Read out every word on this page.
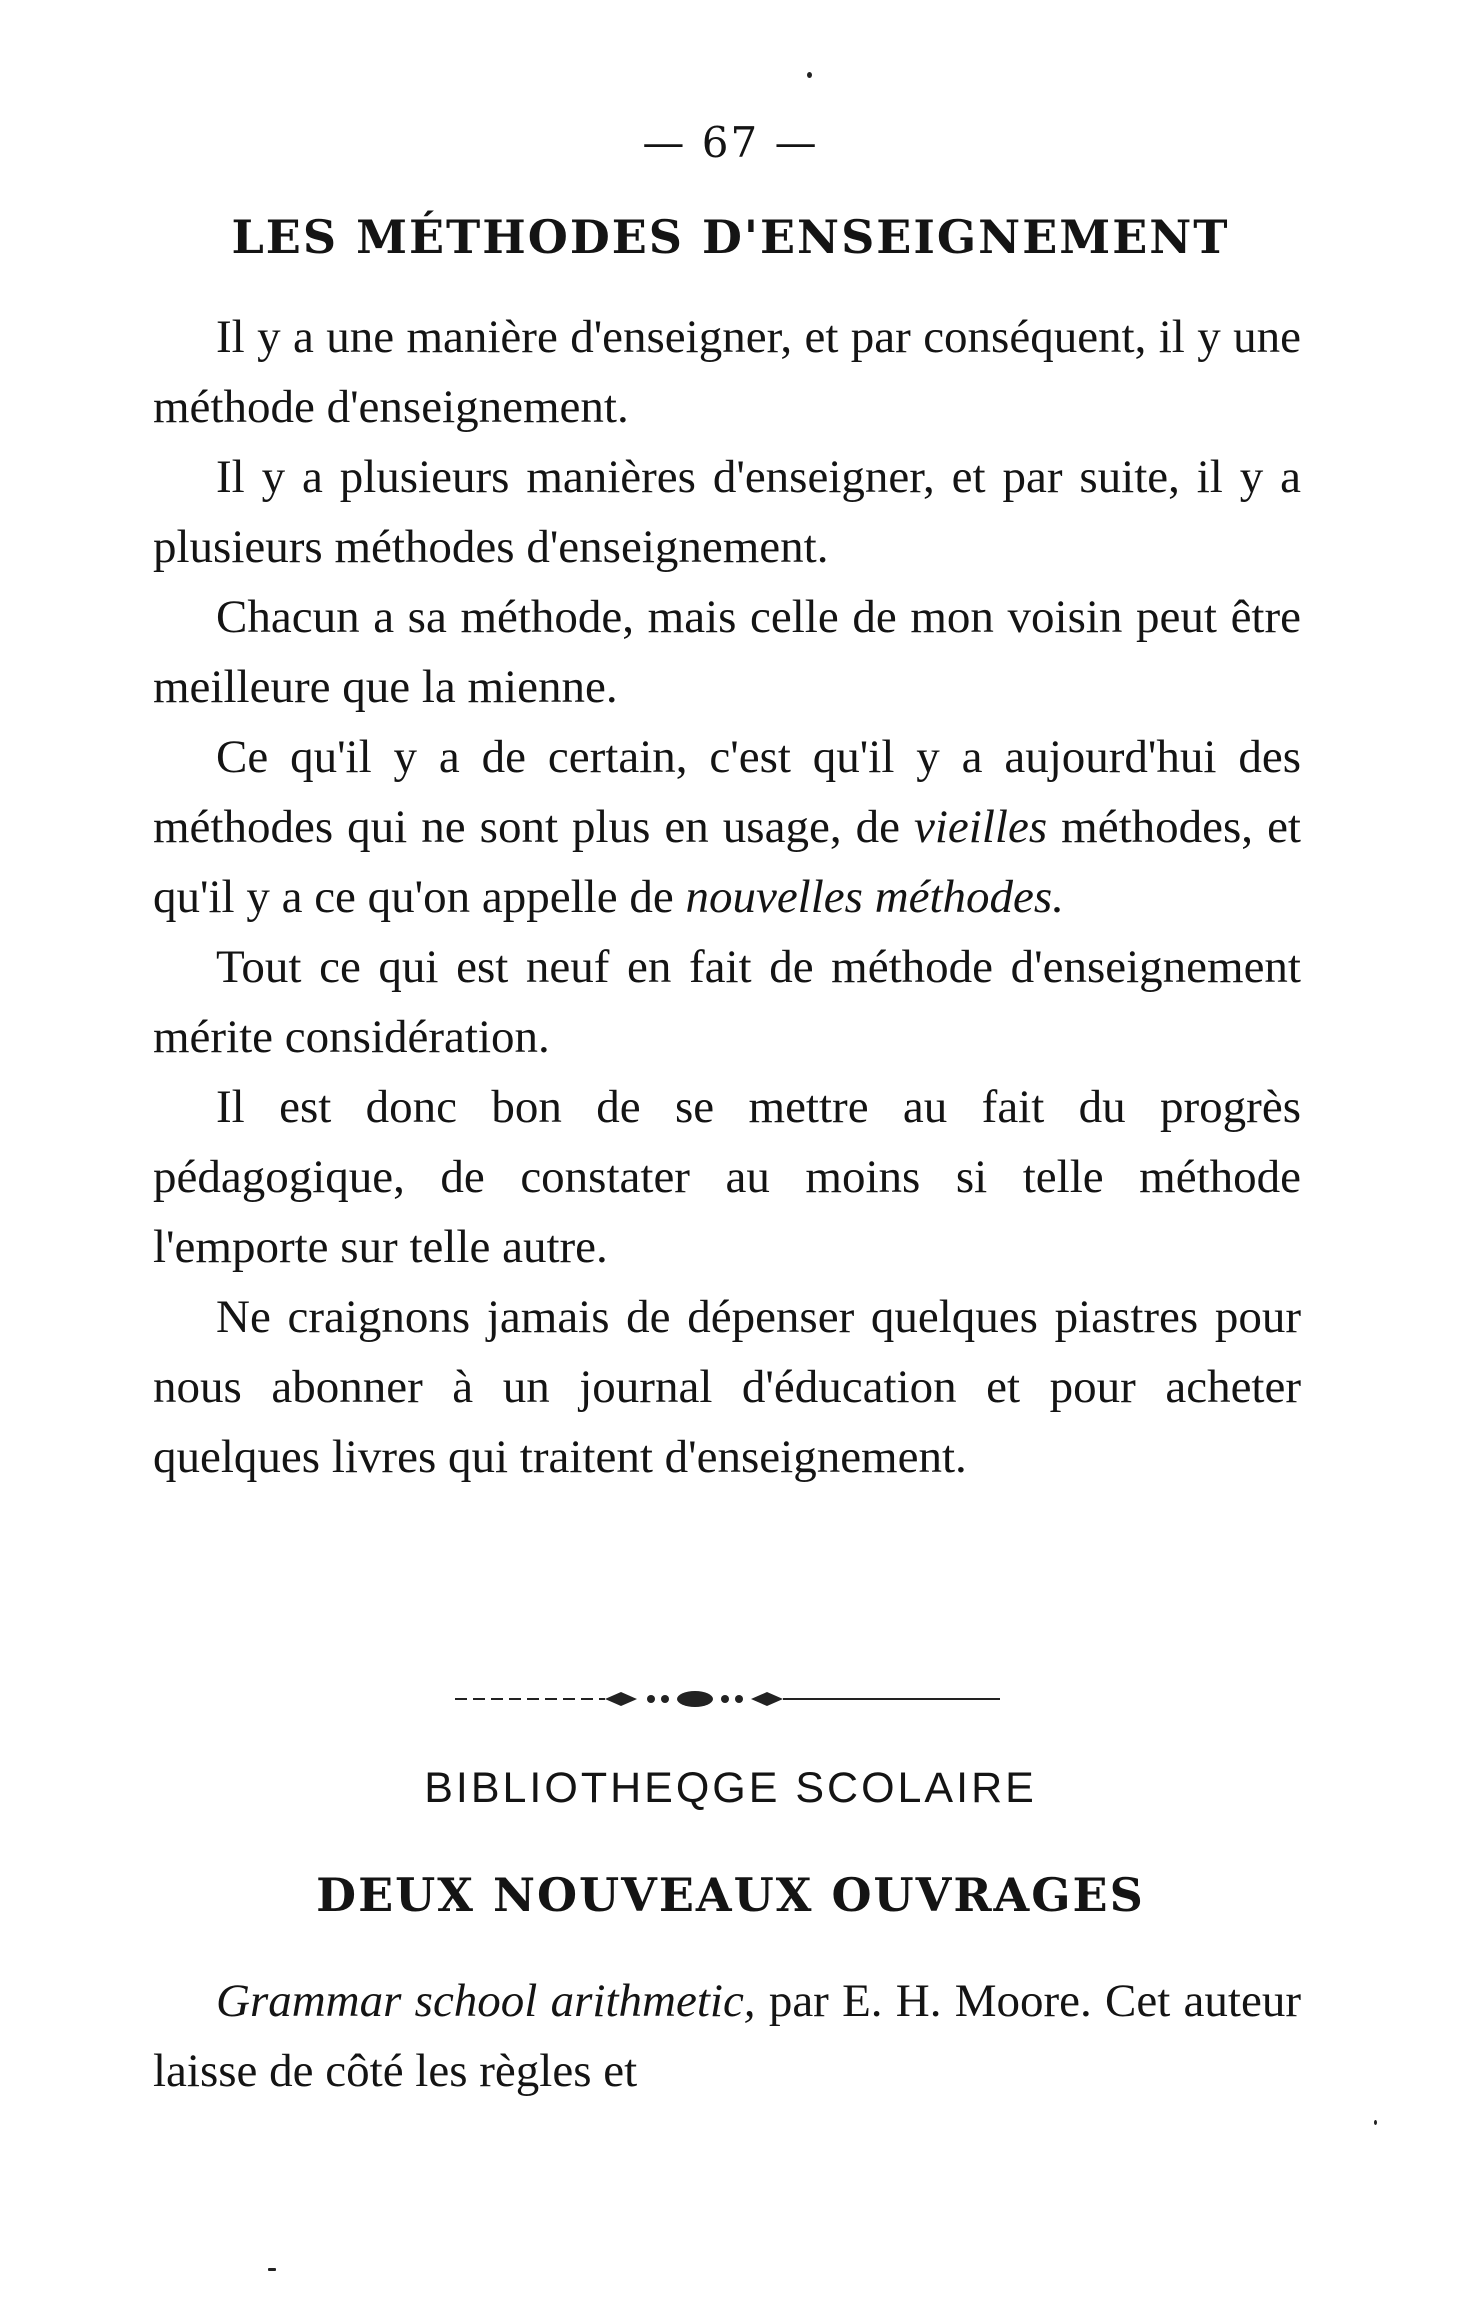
— 67 —
LES MÉTHODES D'ENSEIGNEMENT

Il y a une manière d'enseigner, et par conséquent, il y une méthode d'enseignement.

Il y a plusieurs manières d'enseigner, et par suite, il y a plusieurs méthodes d'enseignement.

Chacun a sa méthode, mais celle de mon voisin peut être meilleure que la mienne.

Ce qu'il y a de certain, c'est qu'il y a aujourd'hui des méthodes qui ne sont plus en usage, de vieilles méthodes, et qu'il y a ce qu'on appelle de nouvelles méthodes.

Tout ce qui est neuf en fait de méthode d'enseignement mérite considération.

Il est donc bon de se mettre au fait du progrès pédagogique, de constater au moins si telle méthode l'emporte sur telle autre.

Ne craignons jamais de dépenser quelques piastres pour nous abonner à un journal d'éducation et pour acheter quelques livres qui traitent d'enseignement.

BIBLIOTHEQGE SCOLAIRE
DEUX NOUVEAUX OUVRAGES

Grammar school arithmetic, par E. H. Moore. Cet auteur laisse de côté les règles et
